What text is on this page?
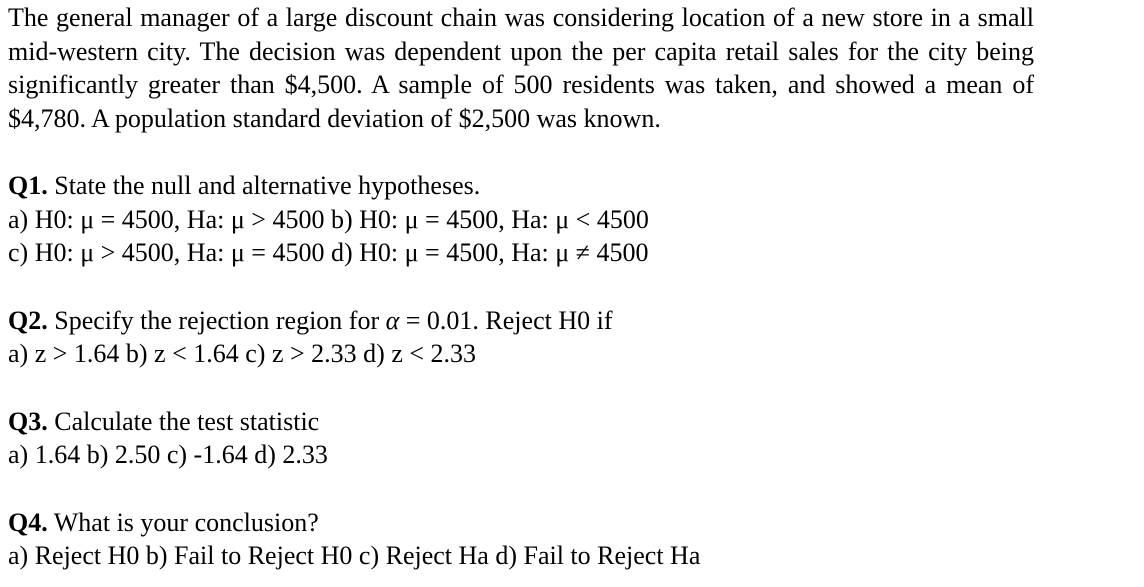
The general manager of a large discount chain was considering location of a new store in a small mid-western city. The decision was dependent upon the per capita retail sales for the city being significantly greater than $4,500. A sample of 500 residents was taken, and showed a mean of $4,780. A population standard deviation of $2,500 was known.
Q1. State the null and alternative hypotheses.
a) H0: μ = 4500, Ha: μ > 4500 b) H0: μ = 4500, Ha: μ < 4500
c) H0: μ > 4500, Ha: μ = 4500 d) H0: μ = 4500, Ha: μ ≠ 4500
Q2. Specify the rejection region for α = 0.01. Reject H0 if
a) z > 1.64 b) z < 1.64 c) z > 2.33 d) z < 2.33
Q3. Calculate the test statistic
a) 1.64 b) 2.50 c) -1.64 d) 2.33
Q4. What is your conclusion?
a) Reject H0 b) Fail to Reject H0 c) Reject Ha d) Fail to Reject Ha
